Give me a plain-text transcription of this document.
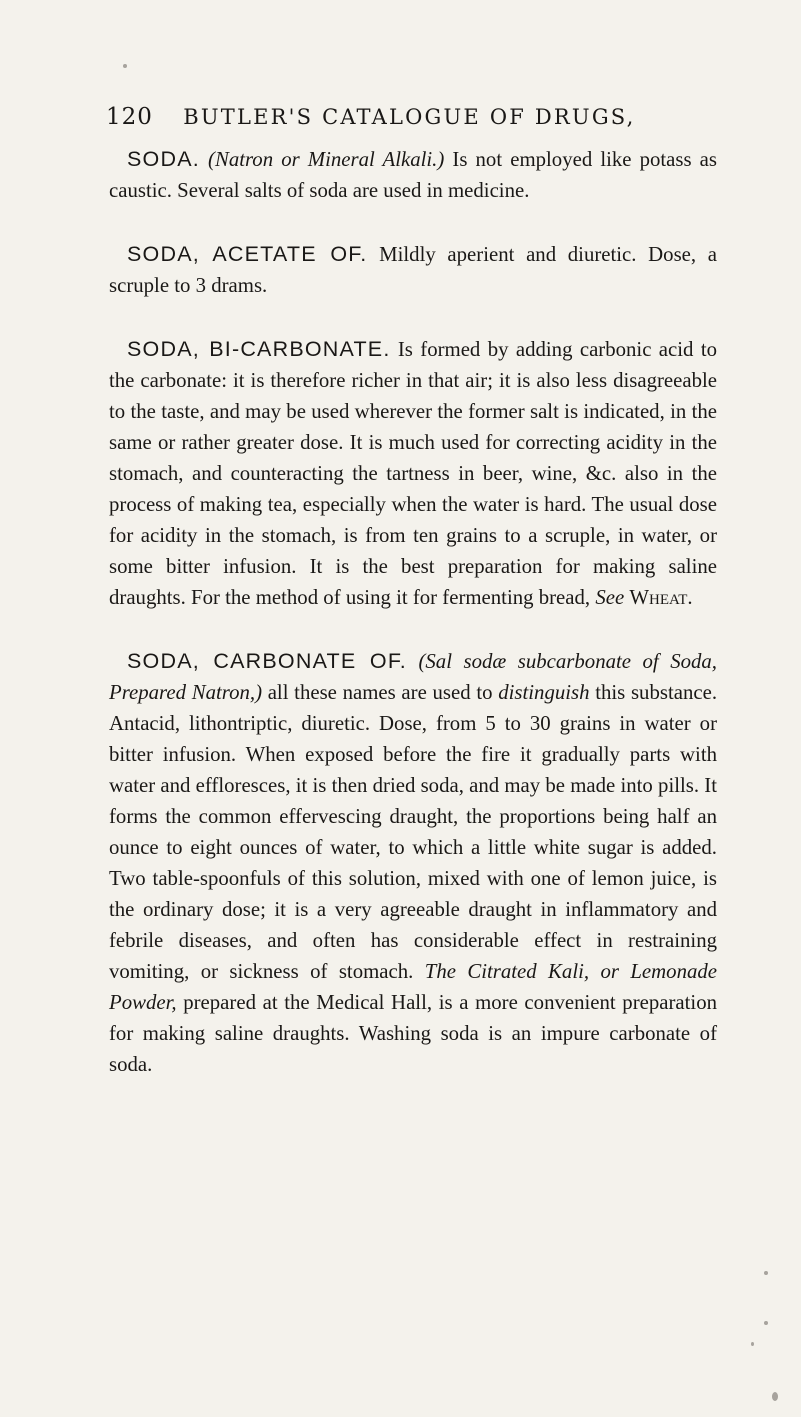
120 BUTLER'S CATALOGUE OF DRUGS,

SODA. (Natron or Mineral Alkali.) Is not employed like potass as caustic. Several salts of soda are used in medicine.

SODA, ACETATE OF. Mildly aperient and diuretic. Dose, a scruple to 3 drams.

SODA, BI-CARBONATE. Is formed by adding carbonic acid to the carbonate: it is therefore richer in that air; it is also less disagreeable to the taste, and may be used wherever the former salt is indicated, in the same or rather greater dose. It is much used for correcting acidity in the stomach, and counteracting the tartness in beer, wine, &c. also in the process of making tea, especially when the water is hard. The usual dose for acidity in the stomach, is from ten grains to a scruple, in water, or some bitter infusion. It is the best preparation for making saline draughts. For the method of using it for fermenting bread, See Wheat.

SODA, CARBONATE OF. (Sal sodæ subcarbonate of Soda, Prepared Natron,) all these names are used to distinguish this substance. Antacid, lithontriptic, diuretic. Dose, from 5 to 30 grains in water or bitter infusion. When exposed before the fire it gradually parts with water and effloresces, it is then dried soda, and may be made into pills. It forms the common effervescing draught, the proportions being half an ounce to eight ounces of water, to which a little white sugar is added. Two table-spoonfuls of this solution, mixed with one of lemon juice, is the ordinary dose; it is a very agreeable draught in inflammatory and febrile diseases, and often has considerable effect in restraining vomiting, or sickness of stomach. The Citrated Kali, or Lemonade Powder, prepared at the Medical Hall, is a more convenient preparation for making saline draughts. Washing soda is an impure carbonate of soda.
